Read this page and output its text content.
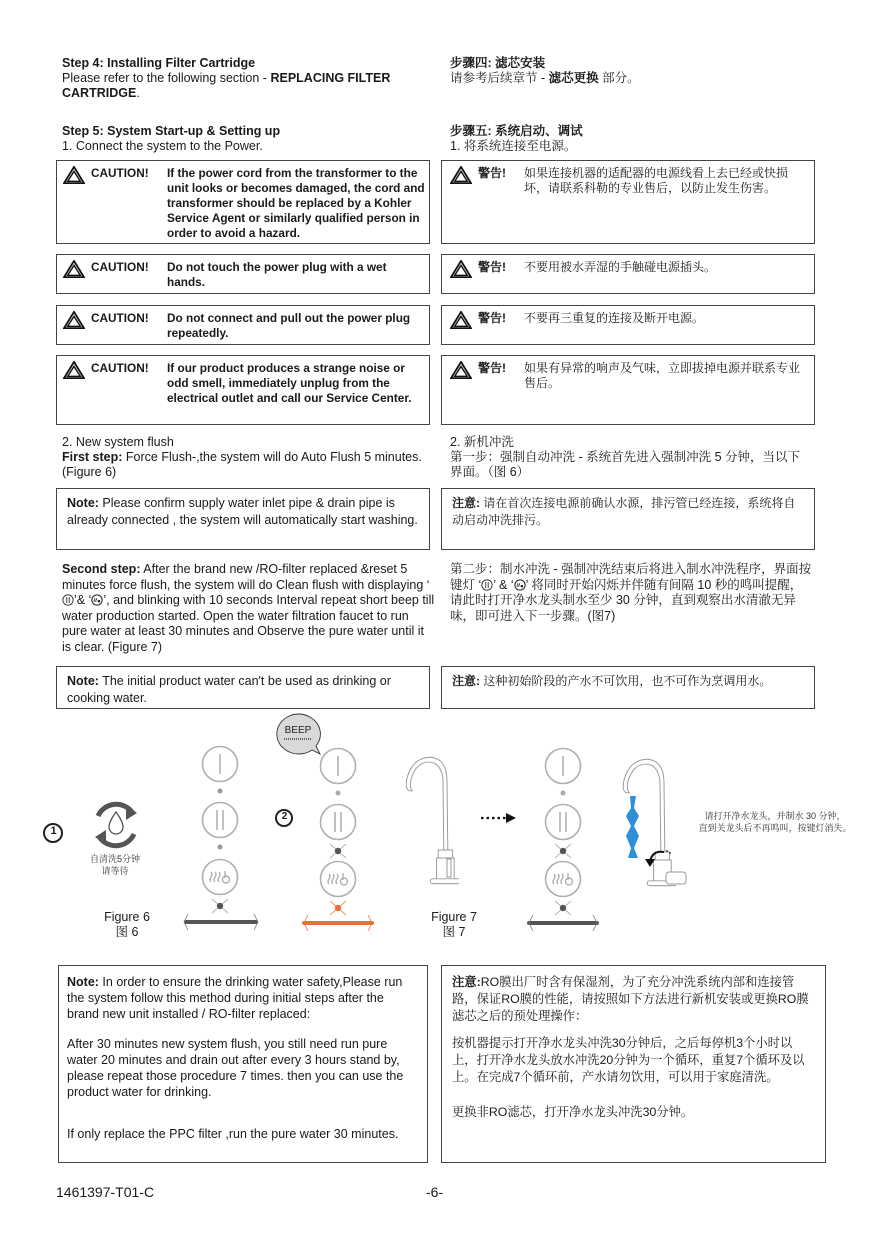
Step 4: Installing Filter Cartridge

Please refer to the following section - REPLACING FILTER CARTRIDGE.

步骤四: 滤芯安装

请参考后续章节 - 滤芯更换 部分。

Step 5: System Start-up & Setting up

1. Connect the system to the Power.

步骤五: 系统启动、调试

1. 将系统连接至电源。

CAUTION! If the power cord from the transformer to the unit looks or becomes damaged, the cord and transformer should be replaced by a Kohler Service Agent or similarly qualified person in order to avoid a hazard.
CAUTION! Do not touch the power plug with a wet hands.
CAUTION! Do not connect and pull out the power plug repeatedly.
CAUTION! If our product produces a strange noise or odd smell, immediately unplug from the electrical outlet and call our Service Center.
警告! 如果连接机器的适配器的电源线看上去已经或快损坏，请联系科勒的专业售后，以防止发生伤害。
警告! 不要用被水弄湿的手触碰电源插头。
警告! 不要再三重复的连接及断开电源。
警告! 如果有异常的响声及气味，立即拔掉电源并联系专业售后。

2. New system flush

First step: Force Flush-,the system will do Auto Flush 5 minutes.(Figure 6)

2. 新机冲洗

第一步：强制自动冲洗 - 系统首先进入强制冲洗 5 分钟，当以下界面。（图 6）

Note: Please confirm supply water inlet pipe & drain pipe is already connected , the system will automatically start washing.
注意: 请在首次连接电源前确认水源，排污管已经连接，系统将自动启动冲洗排污。

Second step: After the brand new /RO-filter replaced &reset 5 minutes force flush, the system will do Clean flush with displaying ‘’& ‘ ’, and blinking with 10 seconds Interval repeat short beep till water production started. Open the water filtration faucet to run pure water at least 30 minutes and Observe the pure water until it is clear. (Figure 7)

第二步：制水冲洗 - 强制冲洗结束后将进入制水冲洗程序，界面按键灯 ‘ ’ & ‘ ’ 将同时开始闪烁并伴随有间隔 10 秒的鸣叫提醒，请此时打开净水龙头制水至少 30 分钟，直到观察出水清澈无异味，即可进入下一步骤。(图7)

Note: The initial product water can't be used as drinking or cooking water.
注意: 这种初始阶段的产水不可饮用，也不可作为烹调用水。
BEEP
1
2
自清洗5分钟
请等待
Figure 6
图 6
Figure 7
图 7
请打开净水龙头，并制水 30 分钟，
直到关龙头后不再鸣叫，按键灯消失。

Note: In order to ensure the drinking water safety,Please run the system follow this method during initial steps after the brand new unit installed / RO-filter replaced:

After 30 minutes new system flush, you still need run pure water 20 minutes and drain out after every 3 hours stand by, please repeat those procedure 7 times. then you can use the product water for drinking.

If only replace the PPC filter ,run the pure water 30 minutes.

注意:RO膜出厂时含有保湿剂，为了充分冲洗系统内部和连接管路，保证RO膜的性能，请按照如下方法进行新机安装或更换RO膜滤芯之后的预处理操作：

按机器提示打开净水龙头冲洗30分钟后，之后每停机3个小时以上，打开净水龙头放水冲洗20分钟为一个循环，重复7个循环及以上。在完成7个循环前，产水请勿饮用，可以用于家庭清洗。

更换非RO滤芯，打开净水龙头冲洗30分钟。

1461397-T01-C	-6-
